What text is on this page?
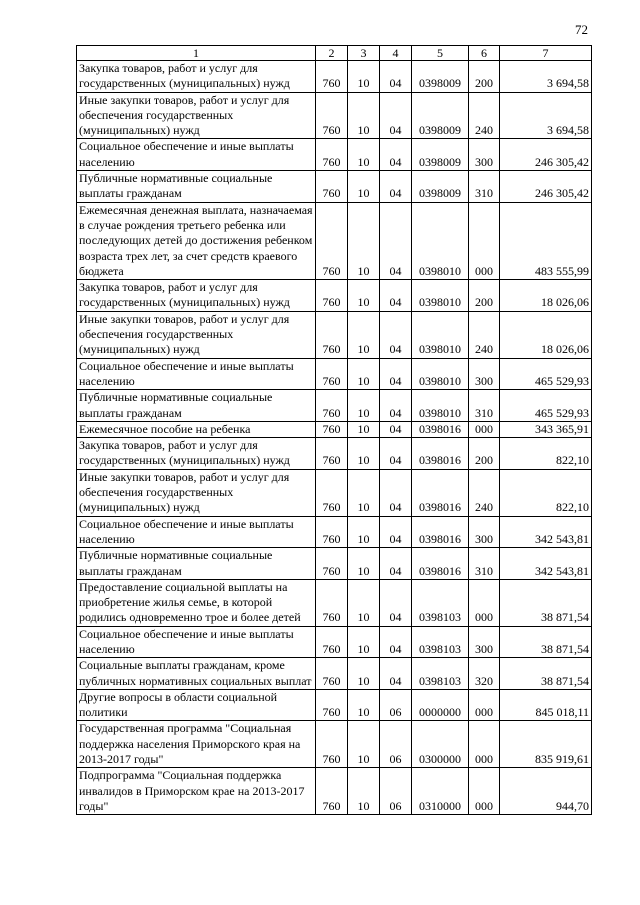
72
1	2	3	4	5	6	7
Закупка товаров, работ и услуг для государственных (муниципальных) нужд	760	10	04	0398009	200	3 694,58
Иные закупки товаров, работ и услуг для обеспечения государственных (муниципальных) нужд	760	10	04	0398009	240	3 694,58
Социальное обеспечение и иные выплаты населению	760	10	04	0398009	300	246 305,42
Публичные нормативные социальные выплаты гражданам	760	10	04	0398009	310	246 305,42
Ежемесячная денежная выплата, назначаемая в случае рождения третьего ребенка или последующих детей до достижения ребенком возраста трех лет, за счет средств краевого бюджета	760	10	04	0398010	000	483 555,99
Закупка товаров, работ и услуг для государственных (муниципальных) нужд	760	10	04	0398010	200	18 026,06
Иные закупки товаров, работ и услуг для обеспечения государственных (муниципальных) нужд	760	10	04	0398010	240	18 026,06
Социальное обеспечение и иные выплаты населению	760	10	04	0398010	300	465 529,93
Публичные нормативные социальные выплаты гражданам	760	10	04	0398010	310	465 529,93
Ежемесячное пособие на ребенка	760	10	04	0398016	000	343 365,91
Закупка товаров, работ и услуг для государственных (муниципальных) нужд	760	10	04	0398016	200	822,10
Иные закупки товаров, работ и услуг для обеспечения государственных (муниципальных) нужд	760	10	04	0398016	240	822,10
Социальное обеспечение и иные выплаты населению	760	10	04	0398016	300	342 543,81
Публичные нормативные социальные выплаты гражданам	760	10	04	0398016	310	342 543,81
Предоставление социальной выплаты на приобретение жилья семье, в которой родились одновременно трое и более детей	760	10	04	0398103	000	38 871,54
Социальное обеспечение и иные выплаты населению	760	10	04	0398103	300	38 871,54
Социальные выплаты гражданам, кроме публичных нормативных социальных выплат	760	10	04	0398103	320	38 871,54
Другие вопросы в области социальной политики	760	10	06	0000000	000	845 018,11
Государственная программа "Социальная поддержка населения Приморского края на 2013-2017 годы"	760	10	06	0300000	000	835 919,61
Подпрограмма "Социальная поддержка инвалидов в Приморском крае на 2013-2017 годы"	760	10	06	0310000	000	944,70
